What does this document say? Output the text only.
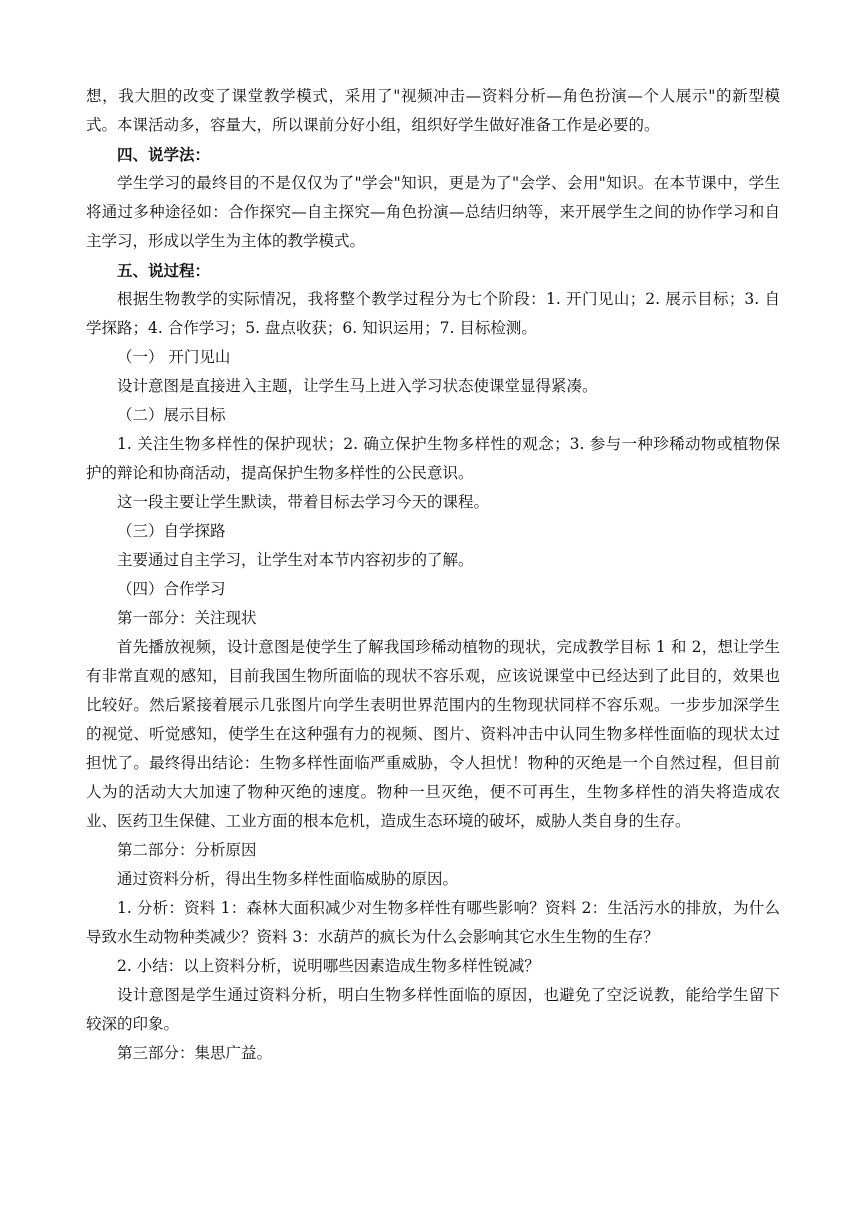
想，我大胆的改变了课堂教学模式，采用了"视频冲击—资料分析—角色扮演—个人展示"的新型模式。本课活动多，容量大，所以课前分好小组，组织好学生做好准备工作是必要的。

四、说学法：

学生学习的最终目的不是仅仅为了"学会"知识，更是为了"会学、会用"知识。在本节课中，学生将通过多种途径如：合作探究—自主探究—角色扮演—总结归纳等，来开展学生之间的协作学习和自主学习，形成以学生为主体的教学模式。

五、说过程：

根据生物教学的实际情况，我将整个教学过程分为七个阶段：1. 开门见山；2. 展示目标；3. 自学探路；4. 合作学习；5. 盘点收获；6. 知识运用；7. 目标检测。

（一） 开门见山

设计意图是直接进入主题，让学生马上进入学习状态使课堂显得紧凑。

（二）展示目标

1. 关注生物多样性的保护现状；2. 确立保护生物多样性的观念；3. 参与一种珍稀动物或植物保护的辩论和协商活动，提高保护生物多样性的公民意识。

这一段主要让学生默读，带着目标去学习今天的课程。

（三）自学探路

主要通过自主学习，让学生对本节内容初步的了解。

（四）合作学习

第一部分：关注现状

首先播放视频，设计意图是使学生了解我国珍稀动植物的现状，完成教学目标 1 和 2，想让学生有非常直观的感知，目前我国生物所面临的现状不容乐观，应该说课堂中已经达到了此目的，效果也比较好。然后紧接着展示几张图片向学生表明世界范围内的生物现状同样不容乐观。一步步加深学生的视觉、听觉感知，使学生在这种强有力的视频、图片、资料冲击中认同生物多样性面临的现状太过担忧了。最终得出结论：生物多样性面临严重威胁，令人担忧！物种的灭绝是一个自然过程，但目前人为的活动大大加速了物种灭绝的速度。物种一旦灭绝，便不可再生，生物多样性的消失将造成农业、医药卫生保健、工业方面的根本危机，造成生态环境的破坏，威胁人类自身的生存。

第二部分：分析原因

通过资料分析，得出生物多样性面临威胁的原因。

1. 分析：资料 1：森林大面积减少对生物多样性有哪些影响？资料 2：生活污水的排放，为什么导致水生动物种类减少？资料 3：水葫芦的疯长为什么会影响其它水生生物的生存？

2. 小结：以上资料分析，说明哪些因素造成生物多样性锐减？

设计意图是学生通过资料分析，明白生物多样性面临的原因，也避免了空泛说教，能给学生留下较深的印象。

第三部分：集思广益。
